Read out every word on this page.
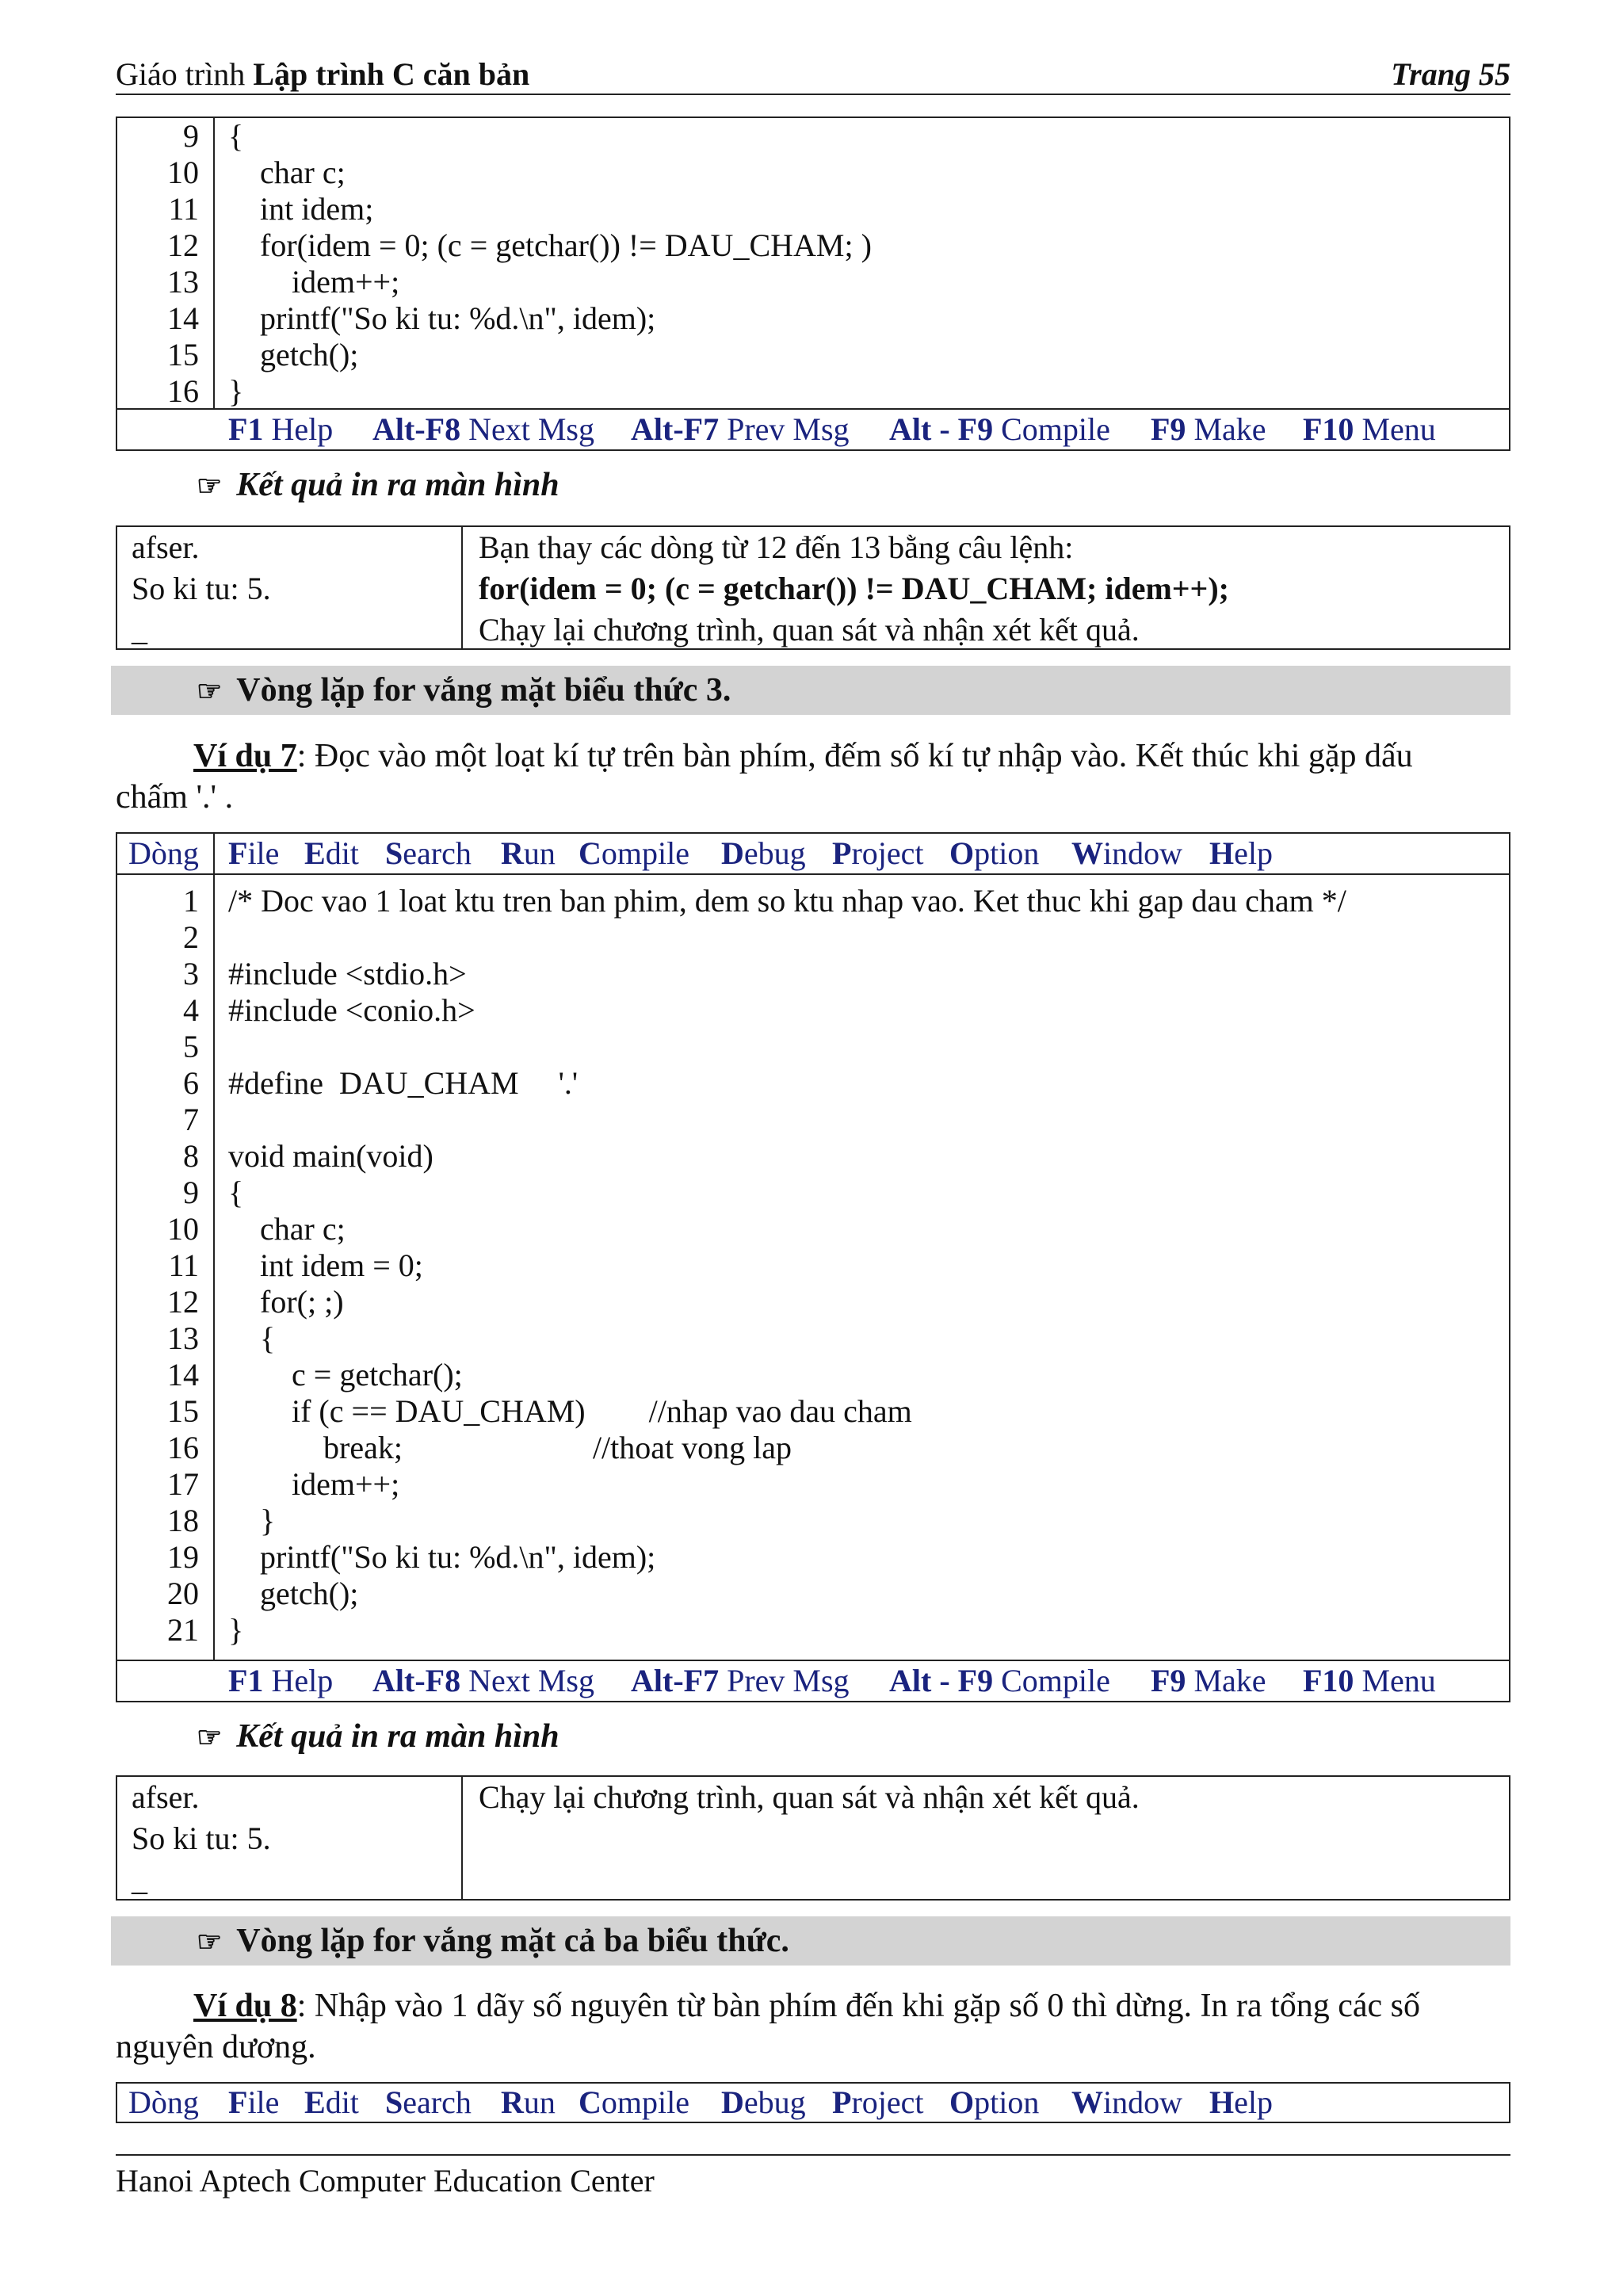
Giáo trình Lập trình C căn bản	Trang 55
9 {
10 char c;
11 int idem;
12 for(idem = 0; (c = getchar()) != DAU_CHAM; )
13 idem++;
14 printf("So ki tu: %d.\n", idem);
15 getch();
16 }
F1 Help Alt-F8 Next Msg Alt-F7 Prev Msg Alt - F9 Compile F9 Make F10 Menu
☞ Kết quả in ra màn hình
afser.
So ki tu: 5.
_
Bạn thay các dòng từ 12 đến 13 bằng câu lệnh:
for(idem = 0; (c = getchar()) != DAU_CHAM; idem++);
Chạy lại chương trình, quan sát và nhận xét kết quả.
☞ Vòng lặp for vắng mặt biểu thức 3.
Ví dụ 7: Đọc vào một loạt kí tự trên bàn phím, đếm số kí tự nhập vào. Kết thúc khi gặp dấu
chấm '.' .
Dòng File Edit Search Run Compile Debug Project Option Window Help
1 /* Doc vao 1 loat ktu tren ban phim, dem so ktu nhap vao. Ket thuc khi gap dau cham */
2
3 #include <stdio.h>
4 #include <conio.h>
5
6 #define  DAU_CHAM     '.'
7
8 void main(void)
9 {
10 char c;
11 int idem = 0;
12 for(; ;)
13 {
14 c = getchar();
15 if (c == DAU_CHAM)        //nhap vao dau cham
16 break;                        //thoat vong lap
17 idem++;
18 }
19 printf("So ki tu: %d.\n", idem);
20 getch();
21 }
F1 Help Alt-F8 Next Msg Alt-F7 Prev Msg Alt - F9 Compile F9 Make F10 Menu
☞ Kết quả in ra màn hình
afser.
So ki tu: 5.
_
Chạy lại chương trình, quan sát và nhận xét kết quả.
☞ Vòng lặp for vắng mặt cả ba biểu thức.
Ví dụ 8: Nhập vào 1 dãy số nguyên từ bàn phím đến khi gặp số 0 thì dừng. In ra tổng các số
nguyên dương.
Dòng File Edit Search Run Compile Debug Project Option Window Help
Hanoi Aptech Computer Education Center
